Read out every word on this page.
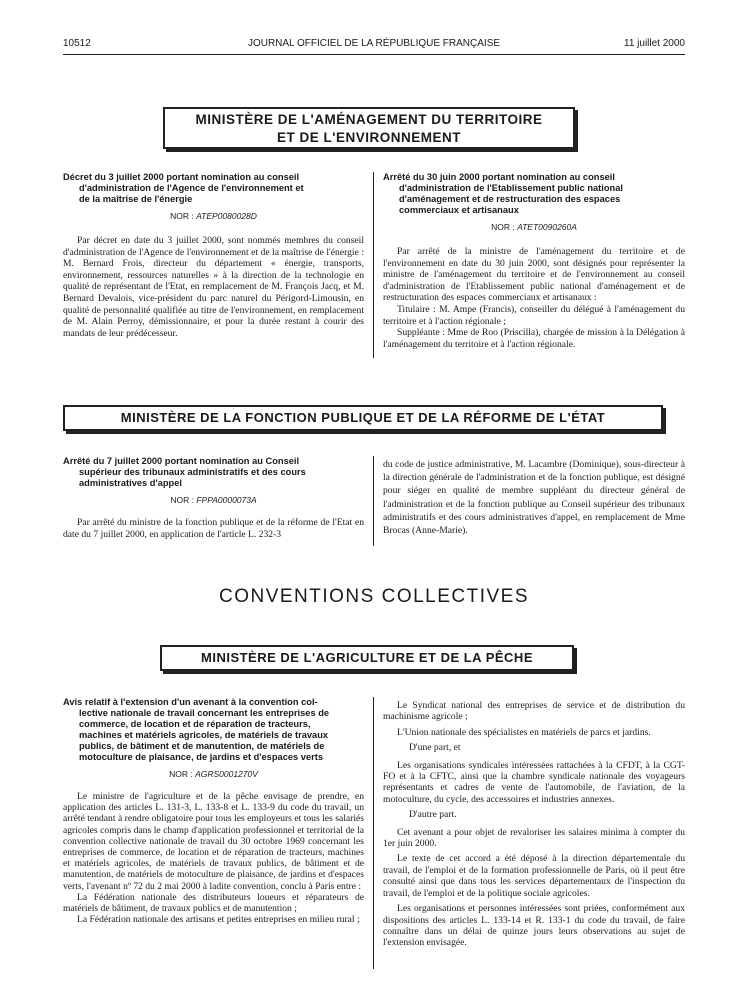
10512	JOURNAL OFFICIEL DE LA RÉPUBLIQUE FRANÇAISE	11 juillet 2000
MINISTÈRE DE L'AMÉNAGEMENT DU TERRITOIRE
ET DE L'ENVIRONNEMENT

Décret du 3 juillet 2000 portant nomination au conseil

d'administration de l'Agence de l'environnement et

de la maîtrise de l'énergie

NOR : ATEP0080028D

Par décret en date du 3 juillet 2000, sont nommés membres du conseil d'administration de l'Agence de l'environnement et de la maîtrise de l'énergie : M. Bernard Frois, directeur du département « énergie, transports, environnement, ressources naturelles » à la direction de la technologie en qualité de représentant de l'Etat, en remplacement de M. François Jacq, et M. Bernard Devalois, vice-président du parc naturel du Périgord-Limousin, en qualité de personnalité qualifiée au titre de l'environnement, en remplacement de M. Alain Perroy, démissionnaire, et pour la durée restant à courir des mandats de leur prédécesseur.

Arrêté du 30 juin 2000 portant nomination au conseil

d'administration de l'Etablissement public national

d'aménagement et de restructuration des espaces

commerciaux et artisanaux

NOR : ATET0090260A

Par arrêté de la ministre de l'aménagement du territoire et de l'environnement en date du 30 juin 2000, sont désignés pour représenter la ministre de l'aménagement du territoire et de l'environnement au conseil d'administration de l'Etablissement public national d'aménagement et de restructuration des espaces commerciaux et artisanaux :

Titulaire : M. Ampe (Francis), conseiller du délégué à l'aménagement du territoire et à l'action régionale ;

Suppléante : Mme de Roo (Priscilla), chargée de mission à la Délégation à l'aménagement du territoire et à l'action régionale.

MINISTÈRE DE LA FONCTION PUBLIQUE ET DE LA RÉFORME DE L'ÉTAT

Arrêté du 7 juillet 2000 portant nomination au Conseil

supérieur des tribunaux administratifs et des cours

administratives d'appel

NOR : FPPA0000073A

Par arrêté du ministre de la fonction publique et de la réforme de l'Etat en date du 7 juillet 2000, en application de l'article L. 232-3

du code de justice administrative, M. Lacambre (Dominique), sous-directeur à la direction générale de l'administration et de la fonction publique, est désigné pour siéger en qualité de membre suppléant du directeur général de l'administration et de la fonction publique au Conseil supérieur des tribunaux administratifs et des cours administratives d'appel, en remplacement de Mme Brocas (Anne-Marie).

CONVENTIONS COLLECTIVES
MINISTÈRE DE L'AGRICULTURE ET DE LA PÊCHE

Avis relatif à l'extension d'un avenant à la convention col-

lective nationale de travail concernant les entreprises de

commerce, de location et de réparation de tracteurs,

machines et matériels agricoles, de matériels de travaux

publics, de bâtiment et de manutention, de matériels de

motoculture de plaisance, de jardins et d'espaces verts

NOR : AGRS0001270V

Le ministre de l'agriculture et de la pêche envisage de prendre, en application des articles L. 131-3, L. 133-8 et L. 133-9 du code du travail, un arrêté tendant à rendre obligatoire pour tous les employeurs et tous les salariés agricoles compris dans le champ d'application professionnel et territorial de la convention collective nationale de travail du 30 octobre 1969 concernant les entreprises de commerce, de location et de réparation de tracteurs, machines et matériels agricoles, de matériels de travaux publics, de bâtiment et de manutention, de matériels de motoculture de plaisance, de jardins et d'espaces verts, l'avenant nº 72 du 2 mai 2000 à ladite convention, conclu à Paris entre :

La Fédération nationale des distributeurs loueurs et réparateurs de matériels de bâtiment, de travaux publics et de manutention ;

La Fédération nationale des artisans et petites entreprises en milieu rural ;

Le Syndicat national des entreprises de service et de distribution du machinisme agricole ;

L'Union nationale des spécialistes en matériels de parcs et jardins.

D'une part, et

Les organisations syndicales intéressées rattachées à la CFDT, à la CGT-FO et à la CFTC, ainsi que la chambre syndicale nationale des voyageurs représentants et cadres de vente de l'automobile, de l'aviation, de la motoculture, du cycle, des accessoires et industries annexes.

D'autre part.

Cet avenant a pour objet de revaloriser les salaires minima à compter du 1er juin 2000.

Le texte de cet accord a été déposé à la direction départementale du travail, de l'emploi et de la formation professionnelle de Paris, où il peut être consulté ainsi que dans tous les services départementaux de l'inspection du travail, de l'emploi et de la politique sociale agricoles.

Les organisations et personnes intéressées sont priées, conformément aux dispositions des articles L. 133-14 et R. 133-1 du code du travail, de faire connaître dans un délai de quinze jours leurs observations au sujet de l'extension envisagée.
